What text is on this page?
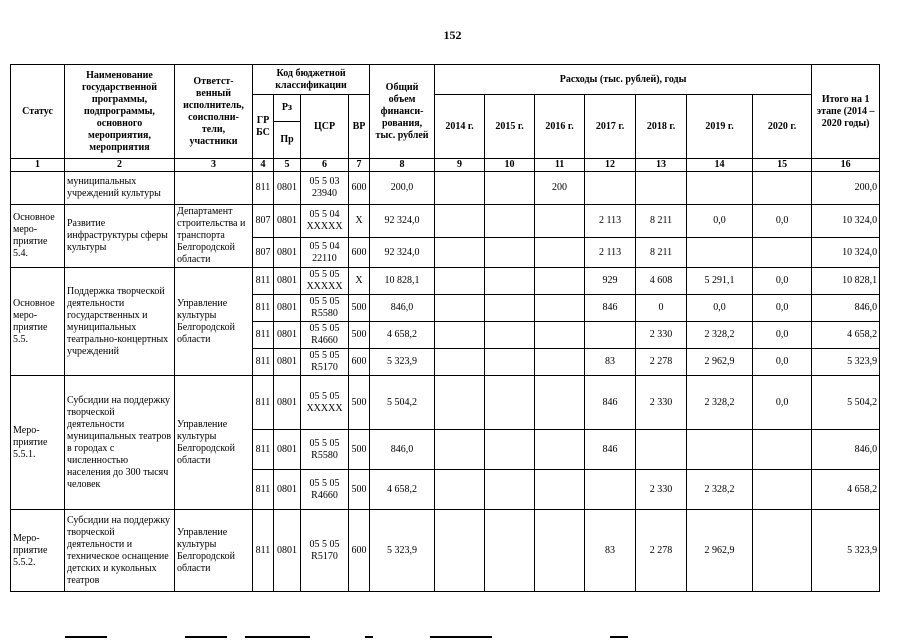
152
Статус	Наименование государственной программы, подпрограммы, основного мероприятия, мероприятия	Ответст-венный исполнитель, соисполни-тели, участники	Код бюджетной классификации				Общий объем финанси-рования, тыс. рублей	Расходы (тыс. рублей), годы							Итого на 1 этапе (2014 – 2020 годы)
			ГР БС	Рз	ЦСР	ВР		2014 г.	2015 г.	2016 г.	2017 г.	2018 г.	2019 г.	2020 г.	
				Пр											
1	2	3	4	5	6	7	8	9	10	11	12	13	14	15	16
	муниципальных учреждений культуры		811	0801	05 5 03 23940	600	200,0			200					200,0
Основное меро-приятие 5.4.	Развитие инфраструктуры сферы культуры	Департамент строительства и транспорта Белгородской области	807	0801	05 5 04 ХХХХХ	Х	92 324,0				2 113	8 211	0,0	0,0	10 324,0
			807	0801	05 5 04 22110	600	92 324,0				2 113	8 211			10 324,0
Основное меро-приятие 5.5.	Поддержка творческой деятельности государственных и муниципальных театрально-концертных учреждений	Управление культуры Белгородской области	811	0801	05 5 05 ХХХХХ	Х	10 828,1				929	4 608	5 291,1	0,0	10 828,1
			811	0801	05 5 05 R5580	500	846,0				846	0	0,0	0,0	846,0
			811	0801	05 5 05 R4660	500	4 658,2					2 330	2 328,2	0,0	4 658,2
			811	0801	05 5 05 R5170	600	5 323,9				83	2 278	2 962,9	0,0	5 323,9
Меро-приятие 5.5.1.	Субсидии на поддержку творческой деятельности муниципальных театров в городах с численностью населения до 300 тысяч человек	Управление культуры Белгородской области	811	0801	05 5 05 ХХХХХ	500	5 504,2				846	2 330	2 328,2	0,0	5 504,2
			811	0801	05 5 05 R5580	500	846,0				846				846,0
			811	0801	05 5 05 R4660	500	4 658,2					2 330	2 328,2		4 658,2
Меро-приятие 5.5.2.	Субсидии на поддержку творческой деятельности и техническое оснащение детских и кукольных театров	Управление культуры Белгородской области	811	0801	05 5 05 R5170	600	5 323,9				83	2 278	2 962,9		5 323,9
